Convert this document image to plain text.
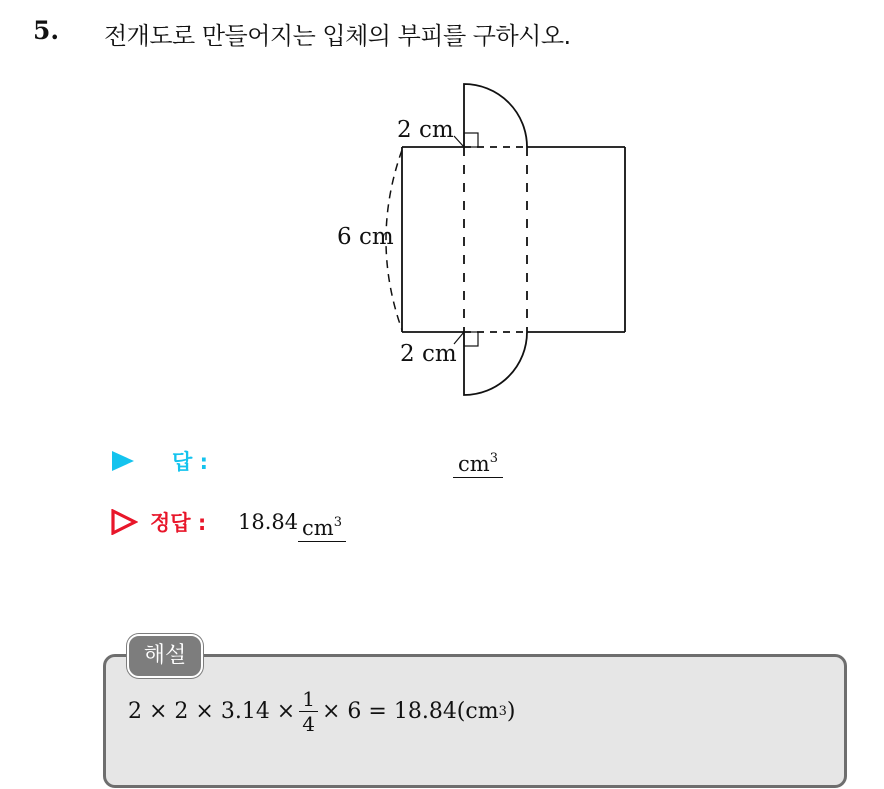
5. 전개도로 만들어지는 입체의 부피를 구하시오.
2 cm
6 cm
2 cm
답 :	$cm^3$
정답 : 18.84 $cm^3$
해설
$2 \times 2 \times 3.14 \times \frac{1}{4} \times 6 = 18.84$( cm 3 )
